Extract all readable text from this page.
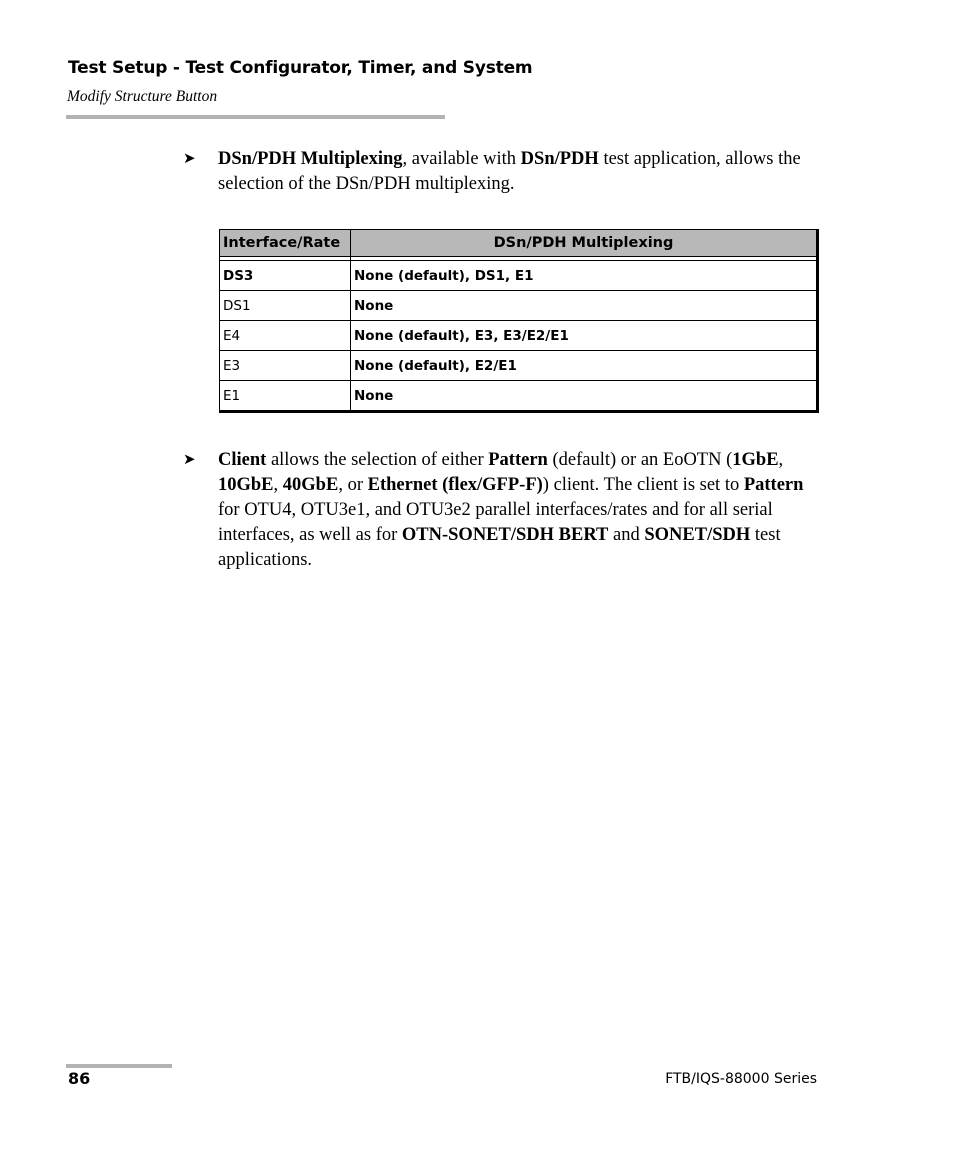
Test Setup - Test Configurator, Timer, and System
Modify Structure Button
➤ DSn/PDH Multiplexing, available with DSn/PDH test application, allows the selection of the DSn/PDH multiplexing.
Interface/Rate	DSn/PDH Multiplexing

DS3	None (default), DS1, E1
DS1	None
E4	None (default), E3, E3/E2/E1
E3	None (default), E2/E1
E1	None
➤ Client allows the selection of either Pattern (default) or an EoOTN (1GbE, 10GbE, 40GbE, or Ethernet (flex/GFP-F)) client. The client is set to Pattern for OTU4, OTU3e1, and OTU3e2 parallel interfaces/rates and for all serial interfaces, as well as for OTN-SONET/SDH BERT and SONET/SDH test applications.
86	FTB/IQS-88000 Series
